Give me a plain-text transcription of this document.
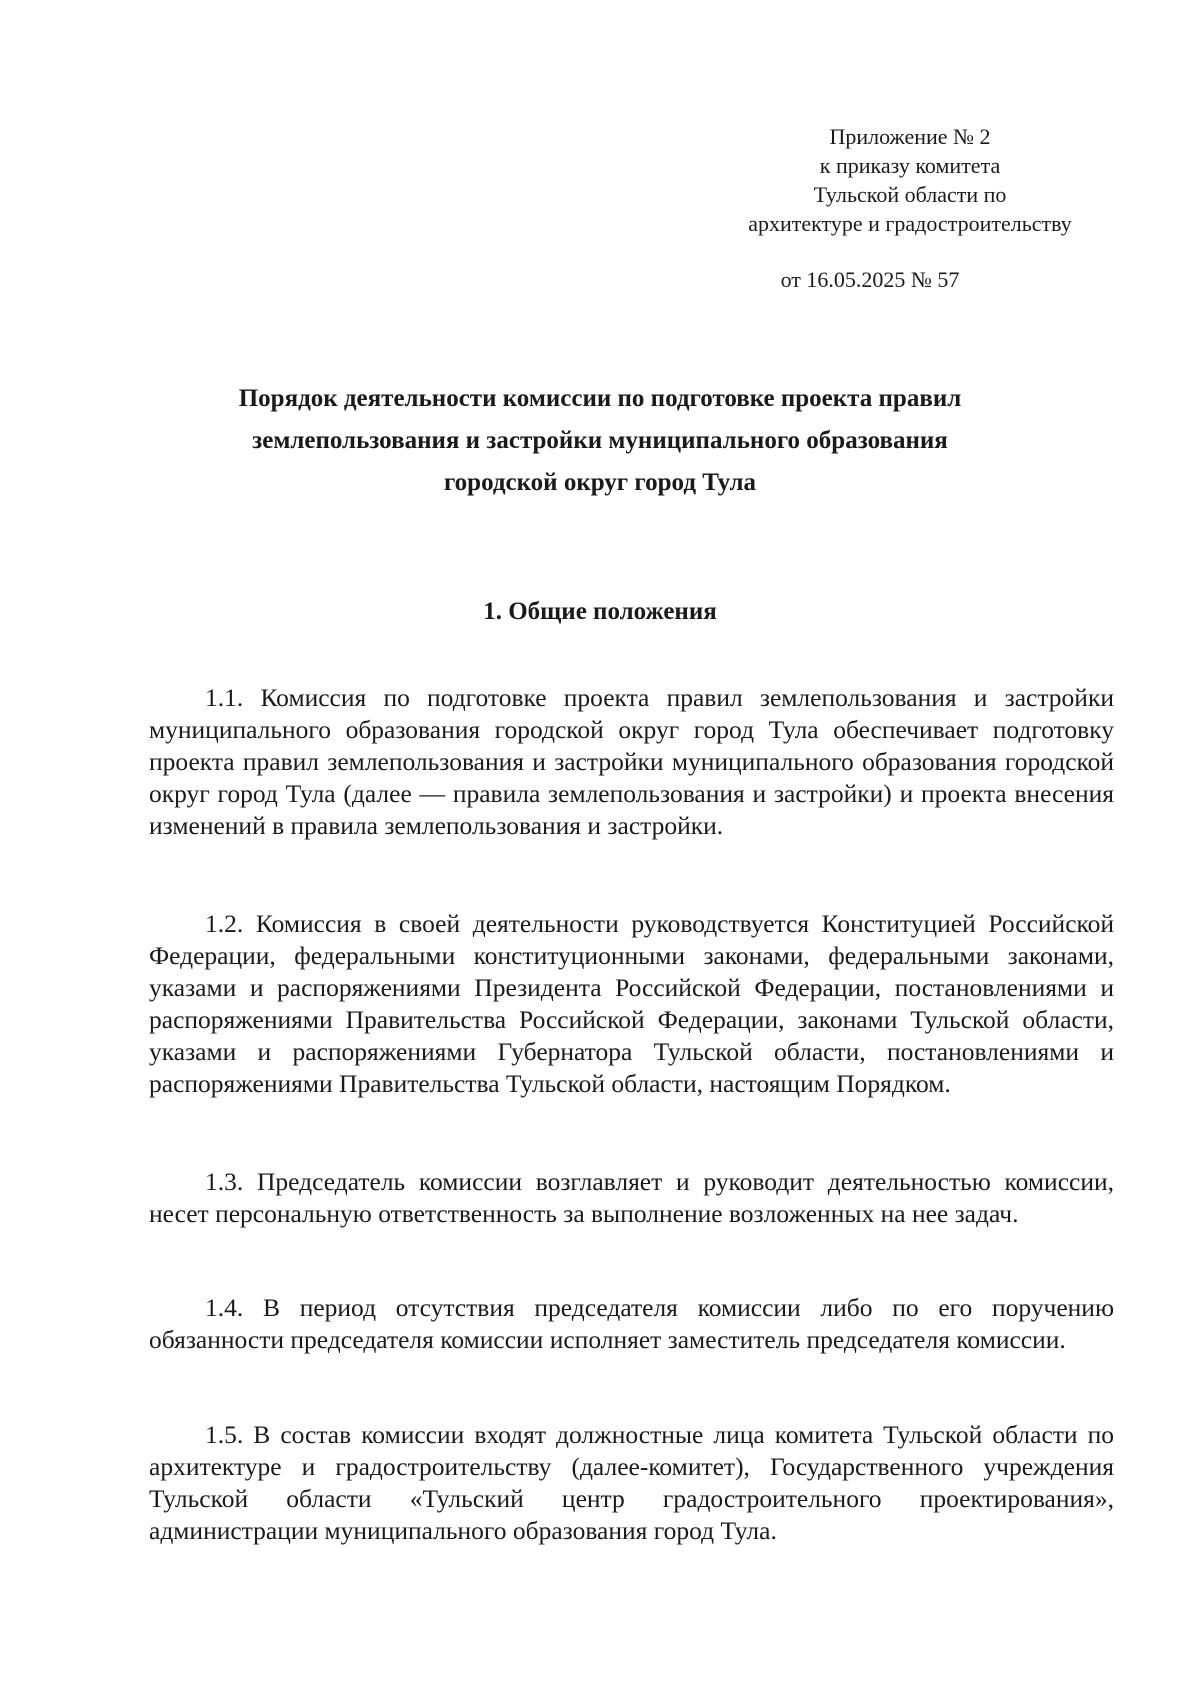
Приложение № 2
к приказу комитета
Тульской области по
архитектуре и градостроительству
от 16.05.2025 № 57
Порядок деятельности комиссии по подготовке проекта правил
землепользования и застройки муниципального образования
городской округ город Тула
1. Общие положения

1.1. Комиссия по подготовке проекта правил землепользования и застройки муниципального образования городской округ город Тула обеспечивает подготовку проекта правил землепользования и застройки муниципального образования городской округ город Тула (далее — правила землепользования и застройки) и проекта внесения изменений в правила землепользования и застройки.

1.2. Комиссия в своей деятельности руководствуется Конституцией Российской Федерации, федеральными конституционными законами, федеральными законами, указами и распоряжениями Президента Российской Федерации, постановлениями и распоряжениями Правительства Российской Федерации, законами Тульской области, указами и распоряжениями Губернатора Тульской области, постановлениями и распоряжениями Правительства Тульской области, настоящим Порядком.

1.3. Председатель комиссии возглавляет и руководит деятельностью комиссии, несет персональную ответственность за выполнение возложенных на нее задач.

1.4. В период отсутствия председателя комиссии либо по его поручению обязанности председателя комиссии исполняет заместитель председателя комиссии.

1.5. В состав комиссии входят должностные лица комитета Тульской области по архитектуре и градостроительству (далее-комитет), Государственного учреждения Тульской области «Тульский центр градостроительного проектирования», администрации муниципального образования город Тула.
